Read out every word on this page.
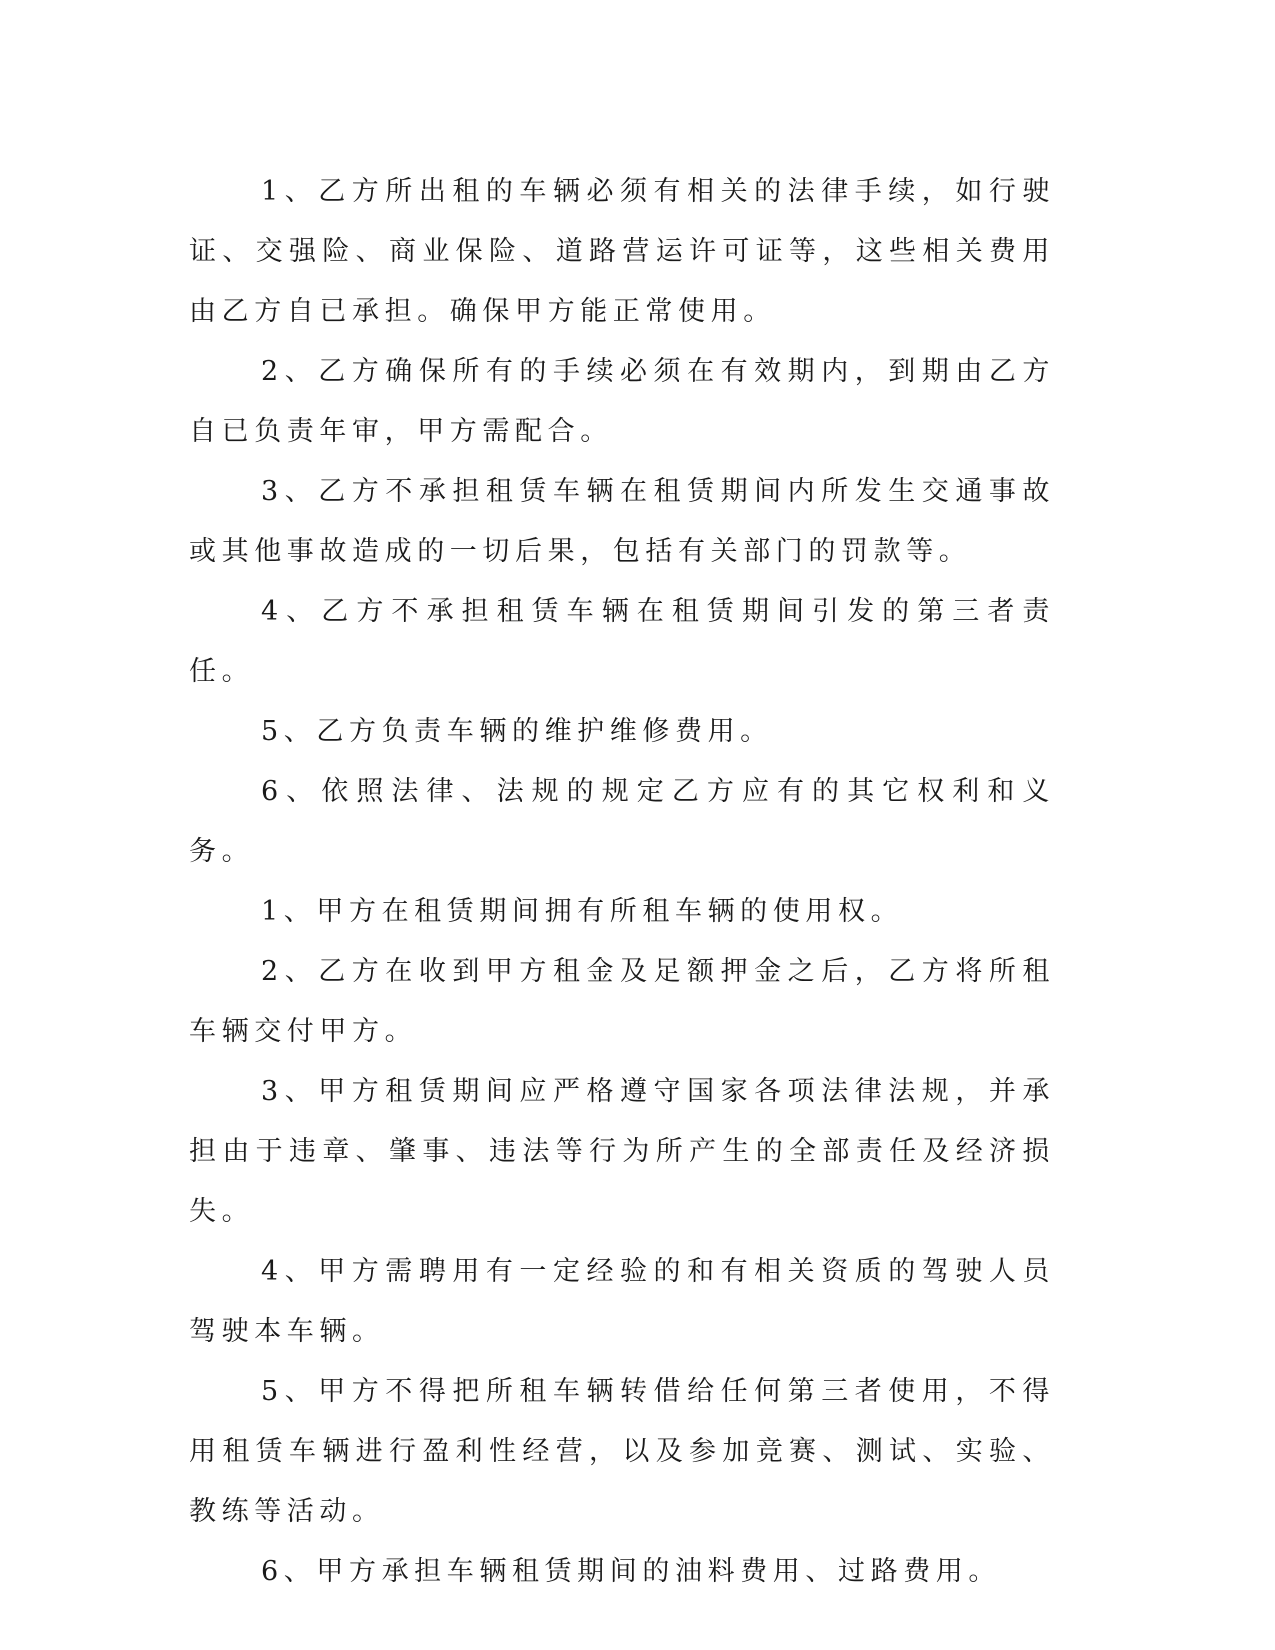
1、乙方所出租的车辆必须有相关的法律手续，如行驶证、交强险、商业保险、道路营运许可证等，这些相关费用由乙方自已承担。确保甲方能正常使用。

2、乙方确保所有的手续必须在有效期内，到期由乙方自已负责年审，甲方需配合。

3、乙方不承担租赁车辆在租赁期间内所发生交通事故或其他事故造成的一切后果，包括有关部门的罚款等。

4、乙方不承担租赁车辆在租赁期间引发的第三者责任。

5、乙方负责车辆的维护维修费用。

6、依照法律、法规的规定乙方应有的其它权利和义务。

1、甲方在租赁期间拥有所租车辆的使用权。

2、乙方在收到甲方租金及足额押金之后，乙方将所租车辆交付甲方。

3、甲方租赁期间应严格遵守国家各项法律法规，并承担由于违章、肇事、违法等行为所产生的全部责任及经济损失。

4、甲方需聘用有一定经验的和有相关资质的驾驶人员驾驶本车辆。

5、甲方不得把所租车辆转借给任何第三者使用，不得用租赁车辆进行盈利性经营，以及参加竞赛、测试、实验、教练等活动。

6、甲方承担车辆租赁期间的油料费用、过路费用。
